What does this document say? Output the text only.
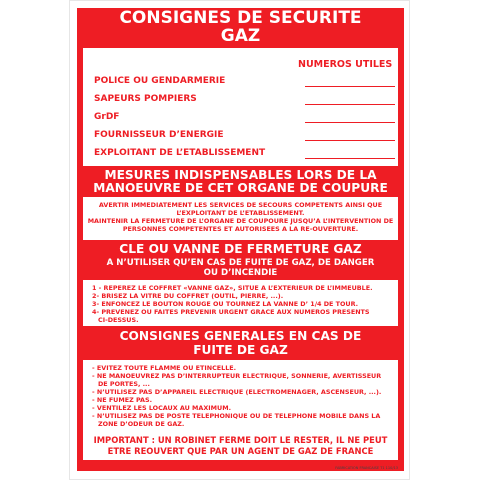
CONSIGNES DE SECURITE
GAZ
NUMEROS UTILES
POLICE OU GENDARMERIE
SAPEURS POMPIERS
GrDF
FOURNISSEUR D’ENERGIE
EXPLOITANT DE L’ETABLISSEMENT
MESURES INDISPENSABLES LORS DE LA
MANOEUVRE DE CET ORGANE DE COUPURE
AVERTIR IMMEDIATEMENT LES SERVICES DE SECOURS COMPETENTS AINSI QUE
L’EXPLOITANT DE L’ETABLISSEMENT.
MAINTENIR LA FERMETURE DE L’ORGANE DE COUPOURE JUSQU’A L’INTERVENTION DE
PERSONNES COMPETENTES ET AUTORISEES A LA RE-OUVERTURE.
CLE OU VANNE DE FERMETURE GAZ
A N’UTILISER QU’EN CAS DE FUITE DE GAZ, DE DANGER
OU D’INCENDIE
1 - REPEREZ LE COFFRET «VANNE GAZ», SITUE A L’EXTERIEUR DE L’IMMEUBLE.
2- BRISEZ LA VITRE DU COFFRET (OUTIL, PIERRE, ...).
3- ENFONCEZ LE BOUTON ROUGE OU TOURNEZ LA VANNE D’ 1/4 DE TOUR.
4- PREVENEZ OU FAITES PREVENIR URGENT GRACE AUX NUMEROS PRESENTS
CI-DESSUS.
CONSIGNES GENERALES EN CAS DE
FUITE DE GAZ
- EVITEZ TOUTE FLAMME OU ETINCELLE.
- NE MANOEUVREZ PAS D’INTERRUPTEUR ELECTRIQUE, SONNERIE, AVERTISSEUR
DE PORTES, ...
- N’UTILISEZ PAS D’APPAREIL ELECTRIQUE (ELECTROMENAGER, ASCENSEUR, ...).
- NE FUMEZ PAS.
- VENTILEZ LES LOCAUX AU MAXIMUM.
- N’UTILISEZ PAS DE POSTE TELEPHONIQUE OU DE TELEPHONE MOBILE DANS LA
ZONE D’ODEUR DE GAZ.
IMPORTANT : UN ROBINET FERME DOIT LE RESTER, IL NE PEUT
ETRE REOUVERT QUE PAR UN AGENT DE GAZ DE FRANCE
FABRICATION FRANCAISE T1 110/13
